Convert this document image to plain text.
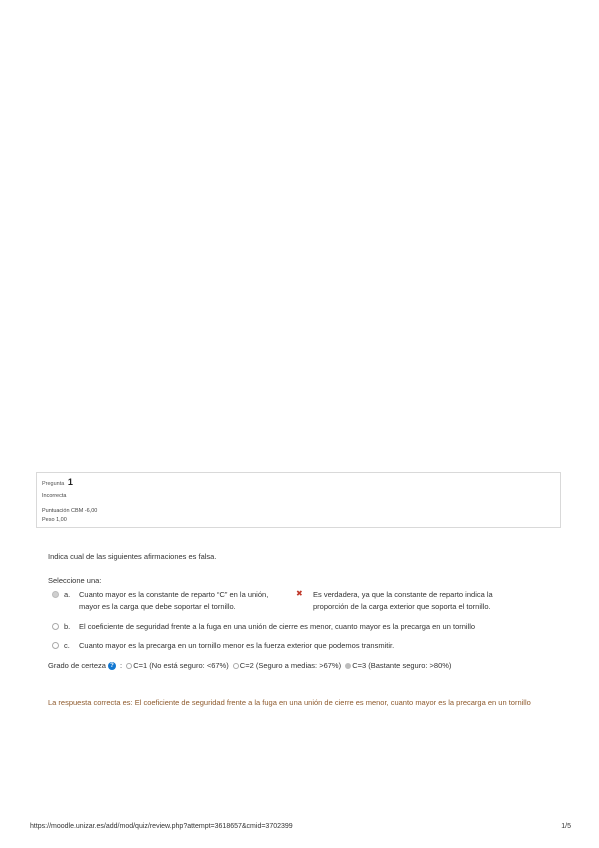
Pregunta 1
Incorrecta
Puntuación CBM -6,00
Peso 1,00
Indica cual de las siguientes afirmaciones es falsa.
Seleccione una:
a. Cuanto mayor es la constante de reparto “C” en la unión,
mayor es la carga que debe soportar el tornillo.
✖ Es verdadera, ya que la constante de reparto indica la
proporción de la carga exterior que soporta el tornillo.
b. El coeficiente de seguridad frente a la fuga en una unión de cierre es menor, cuanto mayor es la precarga en un tornillo
c. Cuanto mayor es la precarga en un tornillo menor es la fuerza exterior que podemos transmitir.
Grado de certeza ? : C=1 (No está seguro: <67%) C=2 (Seguro a medias: >67%) C=3 (Bastante seguro: >80%)
La respuesta correcta es: El coeficiente de seguridad frente a la fuga en una unión de cierre es menor, cuanto mayor es la precarga en un tornillo
https://moodle.unizar.es/add/mod/quiz/review.php?attempt=3618657&cmid=3702399	1/5
